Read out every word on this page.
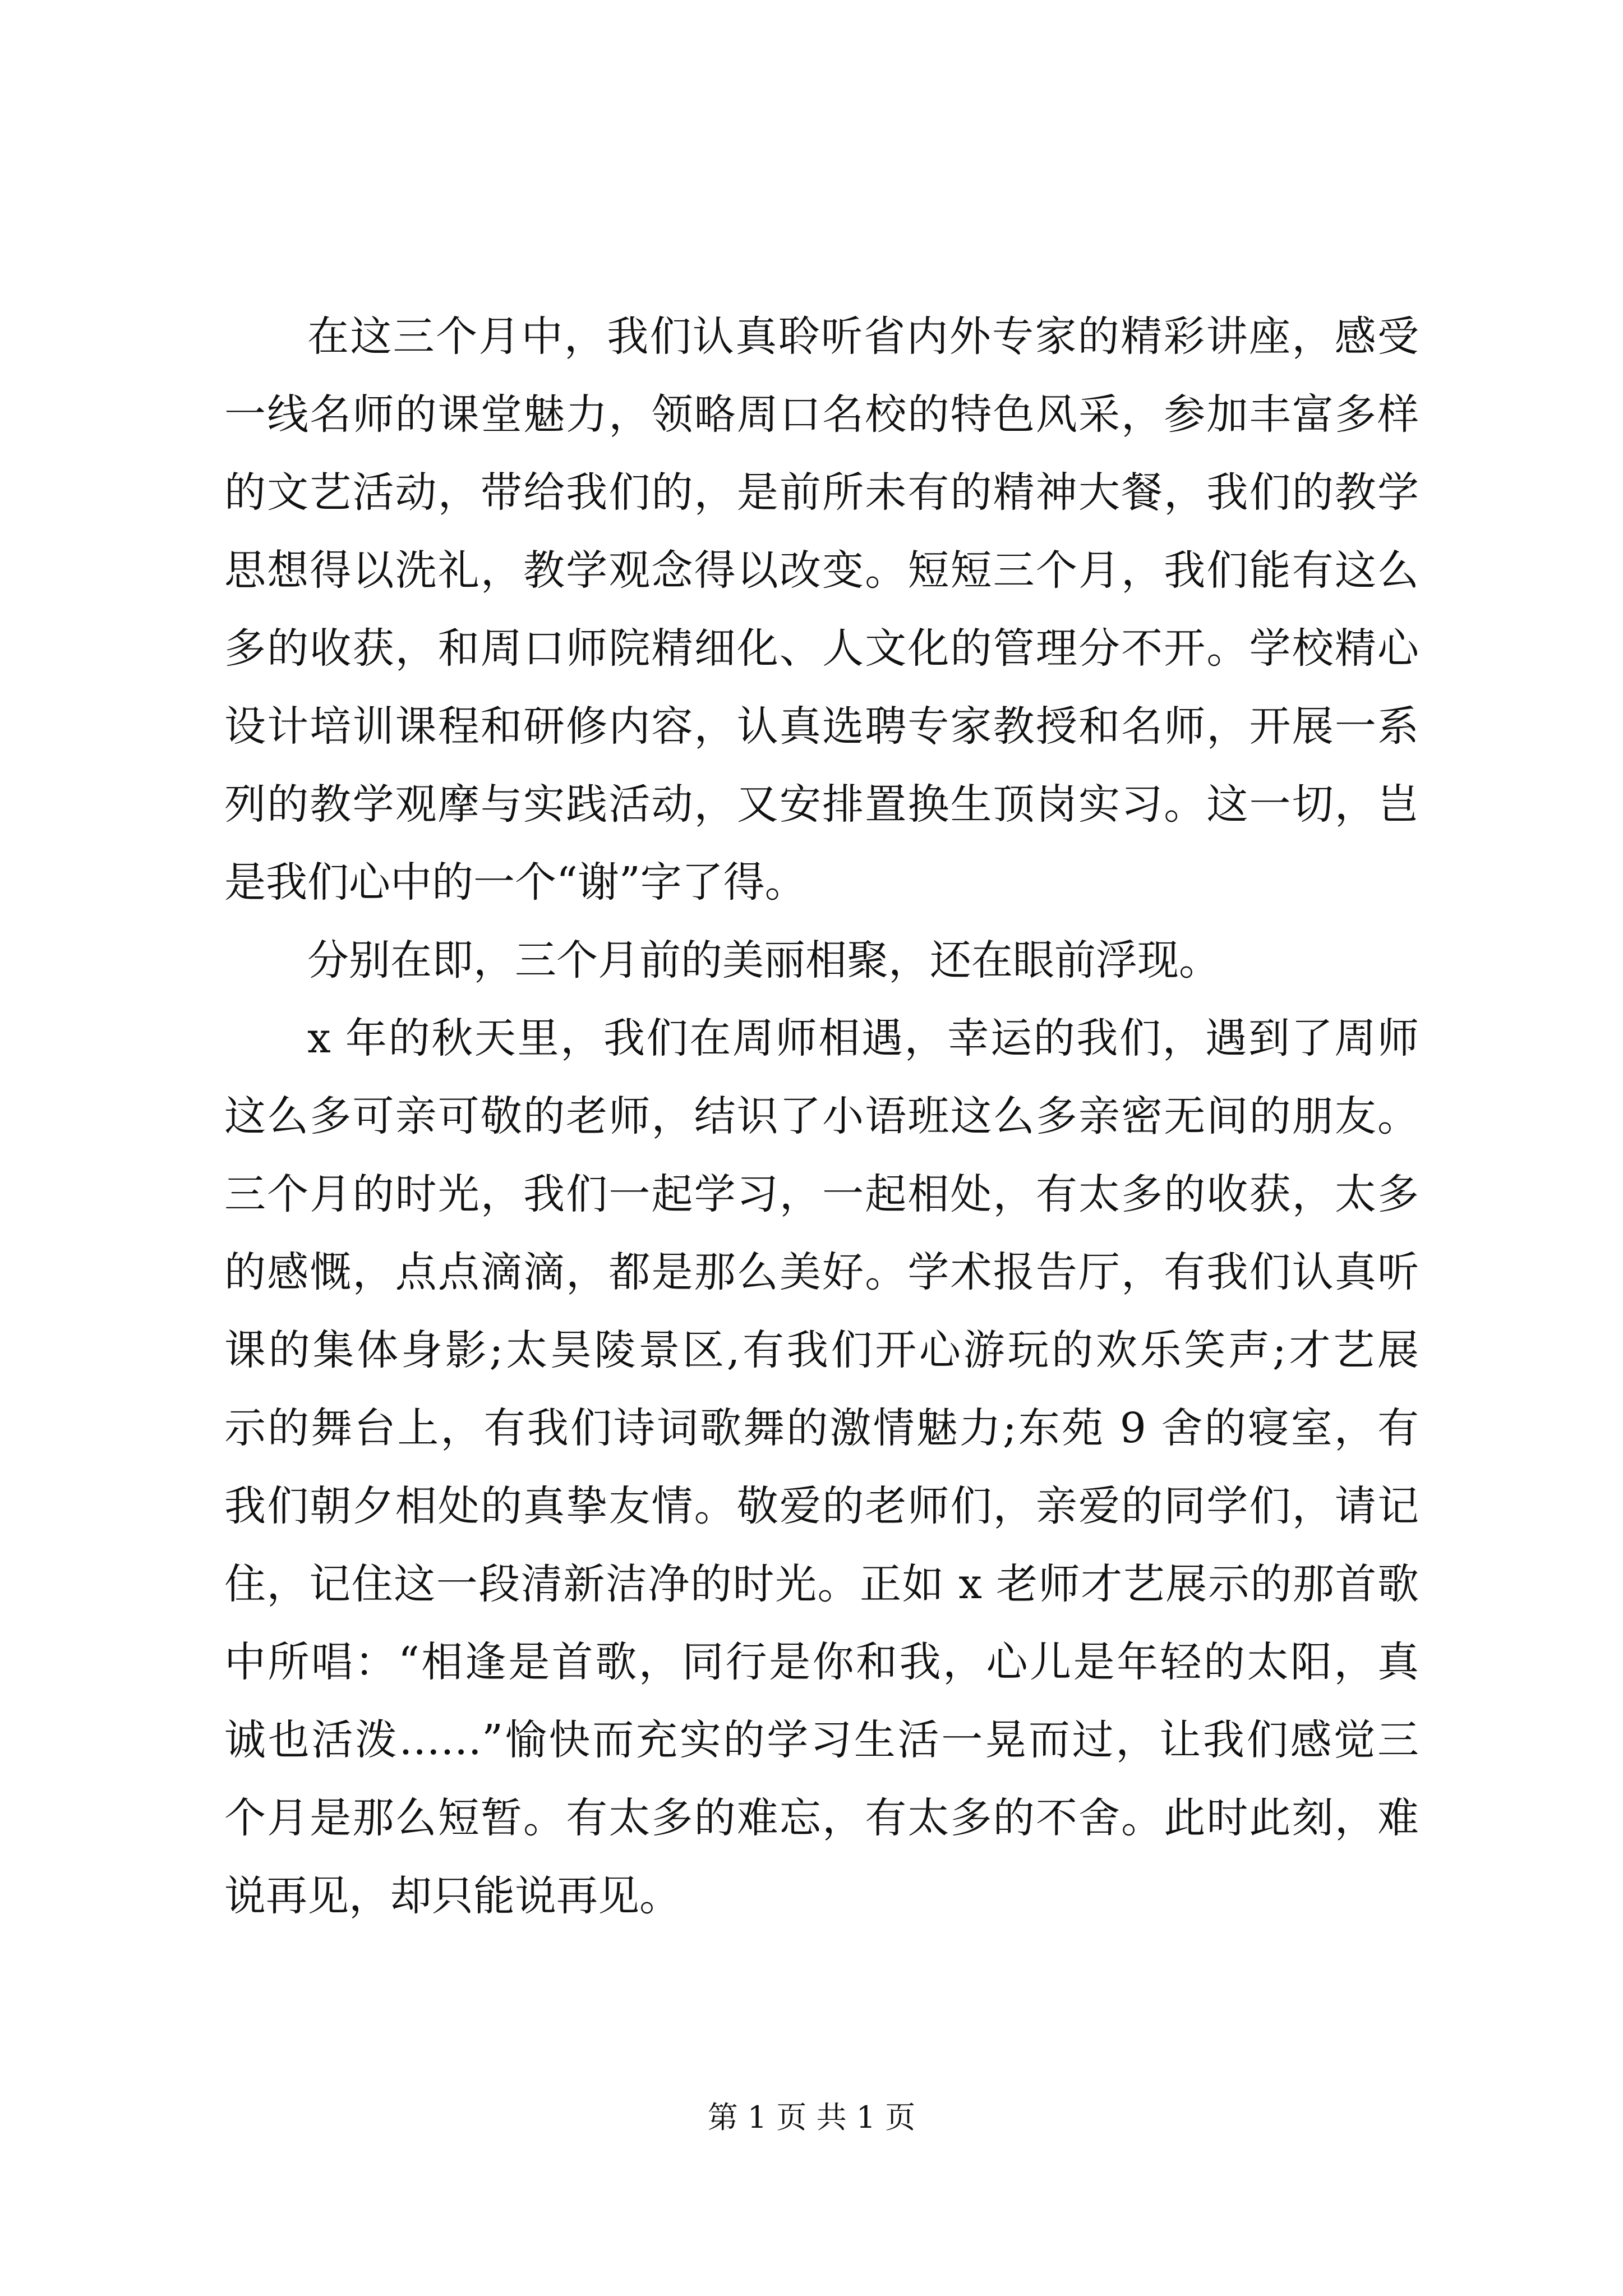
在这三个月中，我们认真聆听省内外专家的精彩讲座，感受
一线名师的课堂魅力，领略周口名校的特色风采，参加丰富多样
的文艺活动，带给我们的，是前所未有的精神大餐，我们的教学
思想得以洗礼，教学观念得以改变。短短三个月，我们能有这么
多的收获，和周口师院精细化、人文化的管理分不开。学校精心
设计培训课程和研修内容，认真选聘专家教授和名师，开展一系
列的教学观摩与实践活动，又安排置换生顶岗实习。这一切，岂
是我们心中的一个“谢”字了得。
分别在即，三个月前的美丽相聚，还在眼前浮现。
x 年的秋天里，我们在周师相遇，幸运的我们，遇到了周师
这么多可亲可敬的老师，结识了小语班这么多亲密无间的朋友。
三个月的时光，我们一起学习，一起相处，有太多的收获，太多
的感慨，点点滴滴，都是那么美好。学术报告厅，有我们认真听
课的集体身影;太昊陵景区,有我们开心游玩的欢乐笑声;才艺展
示的舞台上，有我们诗词歌舞的激情魅力;东苑 9 舍的寝室，有
我们朝夕相处的真挚友情。敬爱的老师们，亲爱的同学们，请记
住，记住这一段清新洁净的时光。正如 x 老师才艺展示的那首歌
中所唱：“相逢是首歌，同行是你和我，心儿是年轻的太阳，真
诚也活泼……”愉快而充实的学习生活一晃而过，让我们感觉三
个月是那么短暂。有太多的难忘，有太多的不舍。此时此刻，难
说再见，却只能说再见。
第 1 页 共 1 页
